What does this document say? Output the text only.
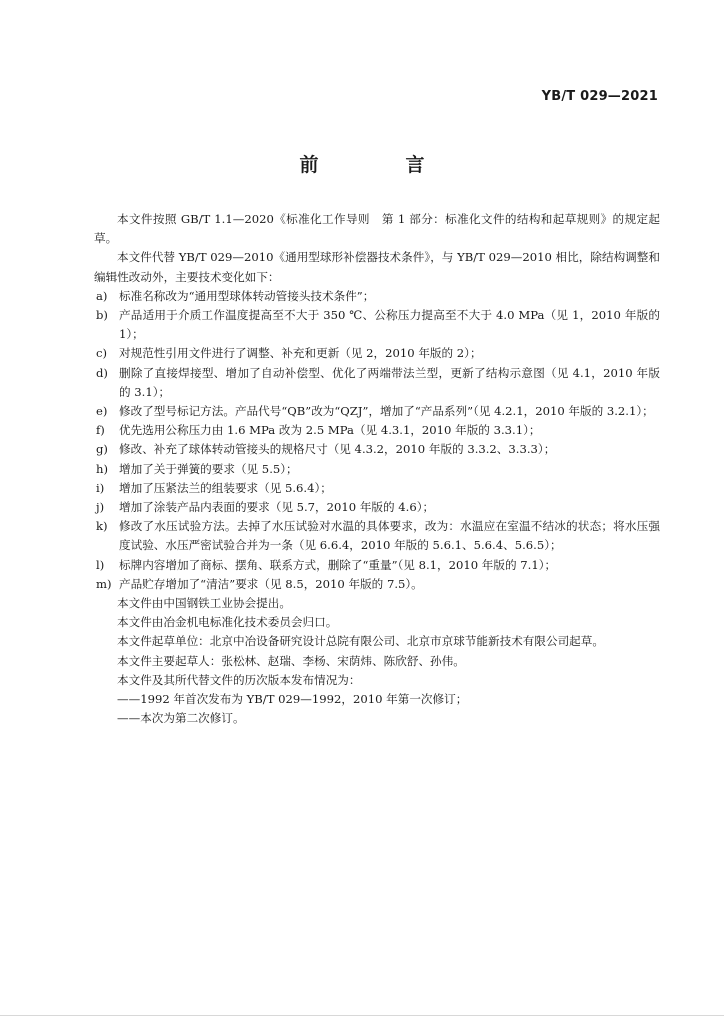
YB/T 029—2021
前　言

本文件按照 GB/T 1.1—2020《标准化工作导则　第 1 部分：标准化文件的结构和起草规则》的规定起草。

本文件代替 YB/T 029—2010《通用型球形补偿器技术条件》，与 YB/T 029—2010 相比，除结构调整和编辑性改动外，主要技术变化如下：

a) 标准名称改为“通用型球体转动管接头技术条件”；
b) 产品适用于介质工作温度提高至不大于 350 ℃、公称压力提高至不大于 4.0 MPa（见 1，2010 年版的 1）；
c)	对规范性引用文件进行了调整、补充和更新（见 2，2010 年版的 2）；
d) 删除了直接焊接型、增加了自动补偿型、优化了两端带法兰型，更新了结构示意图（见 4.1，2010 年版的 3.1）；
e)	修改了型号标记方法。产品代号“QB”改为“QZJ”，增加了“产品系列”（见 4.2.1，2010 年版的 3.2.1）；
f)	优先选用公称压力由 1.6 MPa 改为 2.5 MPa（见 4.3.1，2010 年版的 3.3.1）；
g) 修改、补充了球体转动管接头的规格尺寸（见 4.3.2，2010 年版的 3.3.2、3.3.3）；
h) 增加了关于弹簧的要求（见 5.5）；
i)	增加了压紧法兰的组装要求（见 5.6.4）；
j)	增加了涂装产品内表面的要求（见 5.7，2010 年版的 4.6）；
k) 修改了水压试验方法。去掉了水压试验对水温的具体要求，改为：水温应在室温不结冰的状态；将水压强度试验、水压严密试验合并为一条（见 6.6.4，2010 年版的 5.6.1、5.6.4、5.6.5）；
l)	标牌内容增加了商标、摆角、联系方式，删除了“重量”（见 8.1，2010 年版的 7.1）；
m) 产品贮存增加了“清洁”要求（见 8.5，2010 年版的 7.5）。

本文件由中国钢铁工业协会提出。

本文件由冶金机电标准化技术委员会归口。

本文件起草单位：北京中冶设备研究设计总院有限公司、北京市京球节能新技术有限公司起草。

本文件主要起草人：张松林、赵瑞、李杨、宋荫炜、陈欣舒、孙伟。

本文件及其所代替文件的历次版本发布情况为：

——1992 年首次发布为 YB/T 029—1992，2010 年第一次修订；

——本次为第二次修订。
